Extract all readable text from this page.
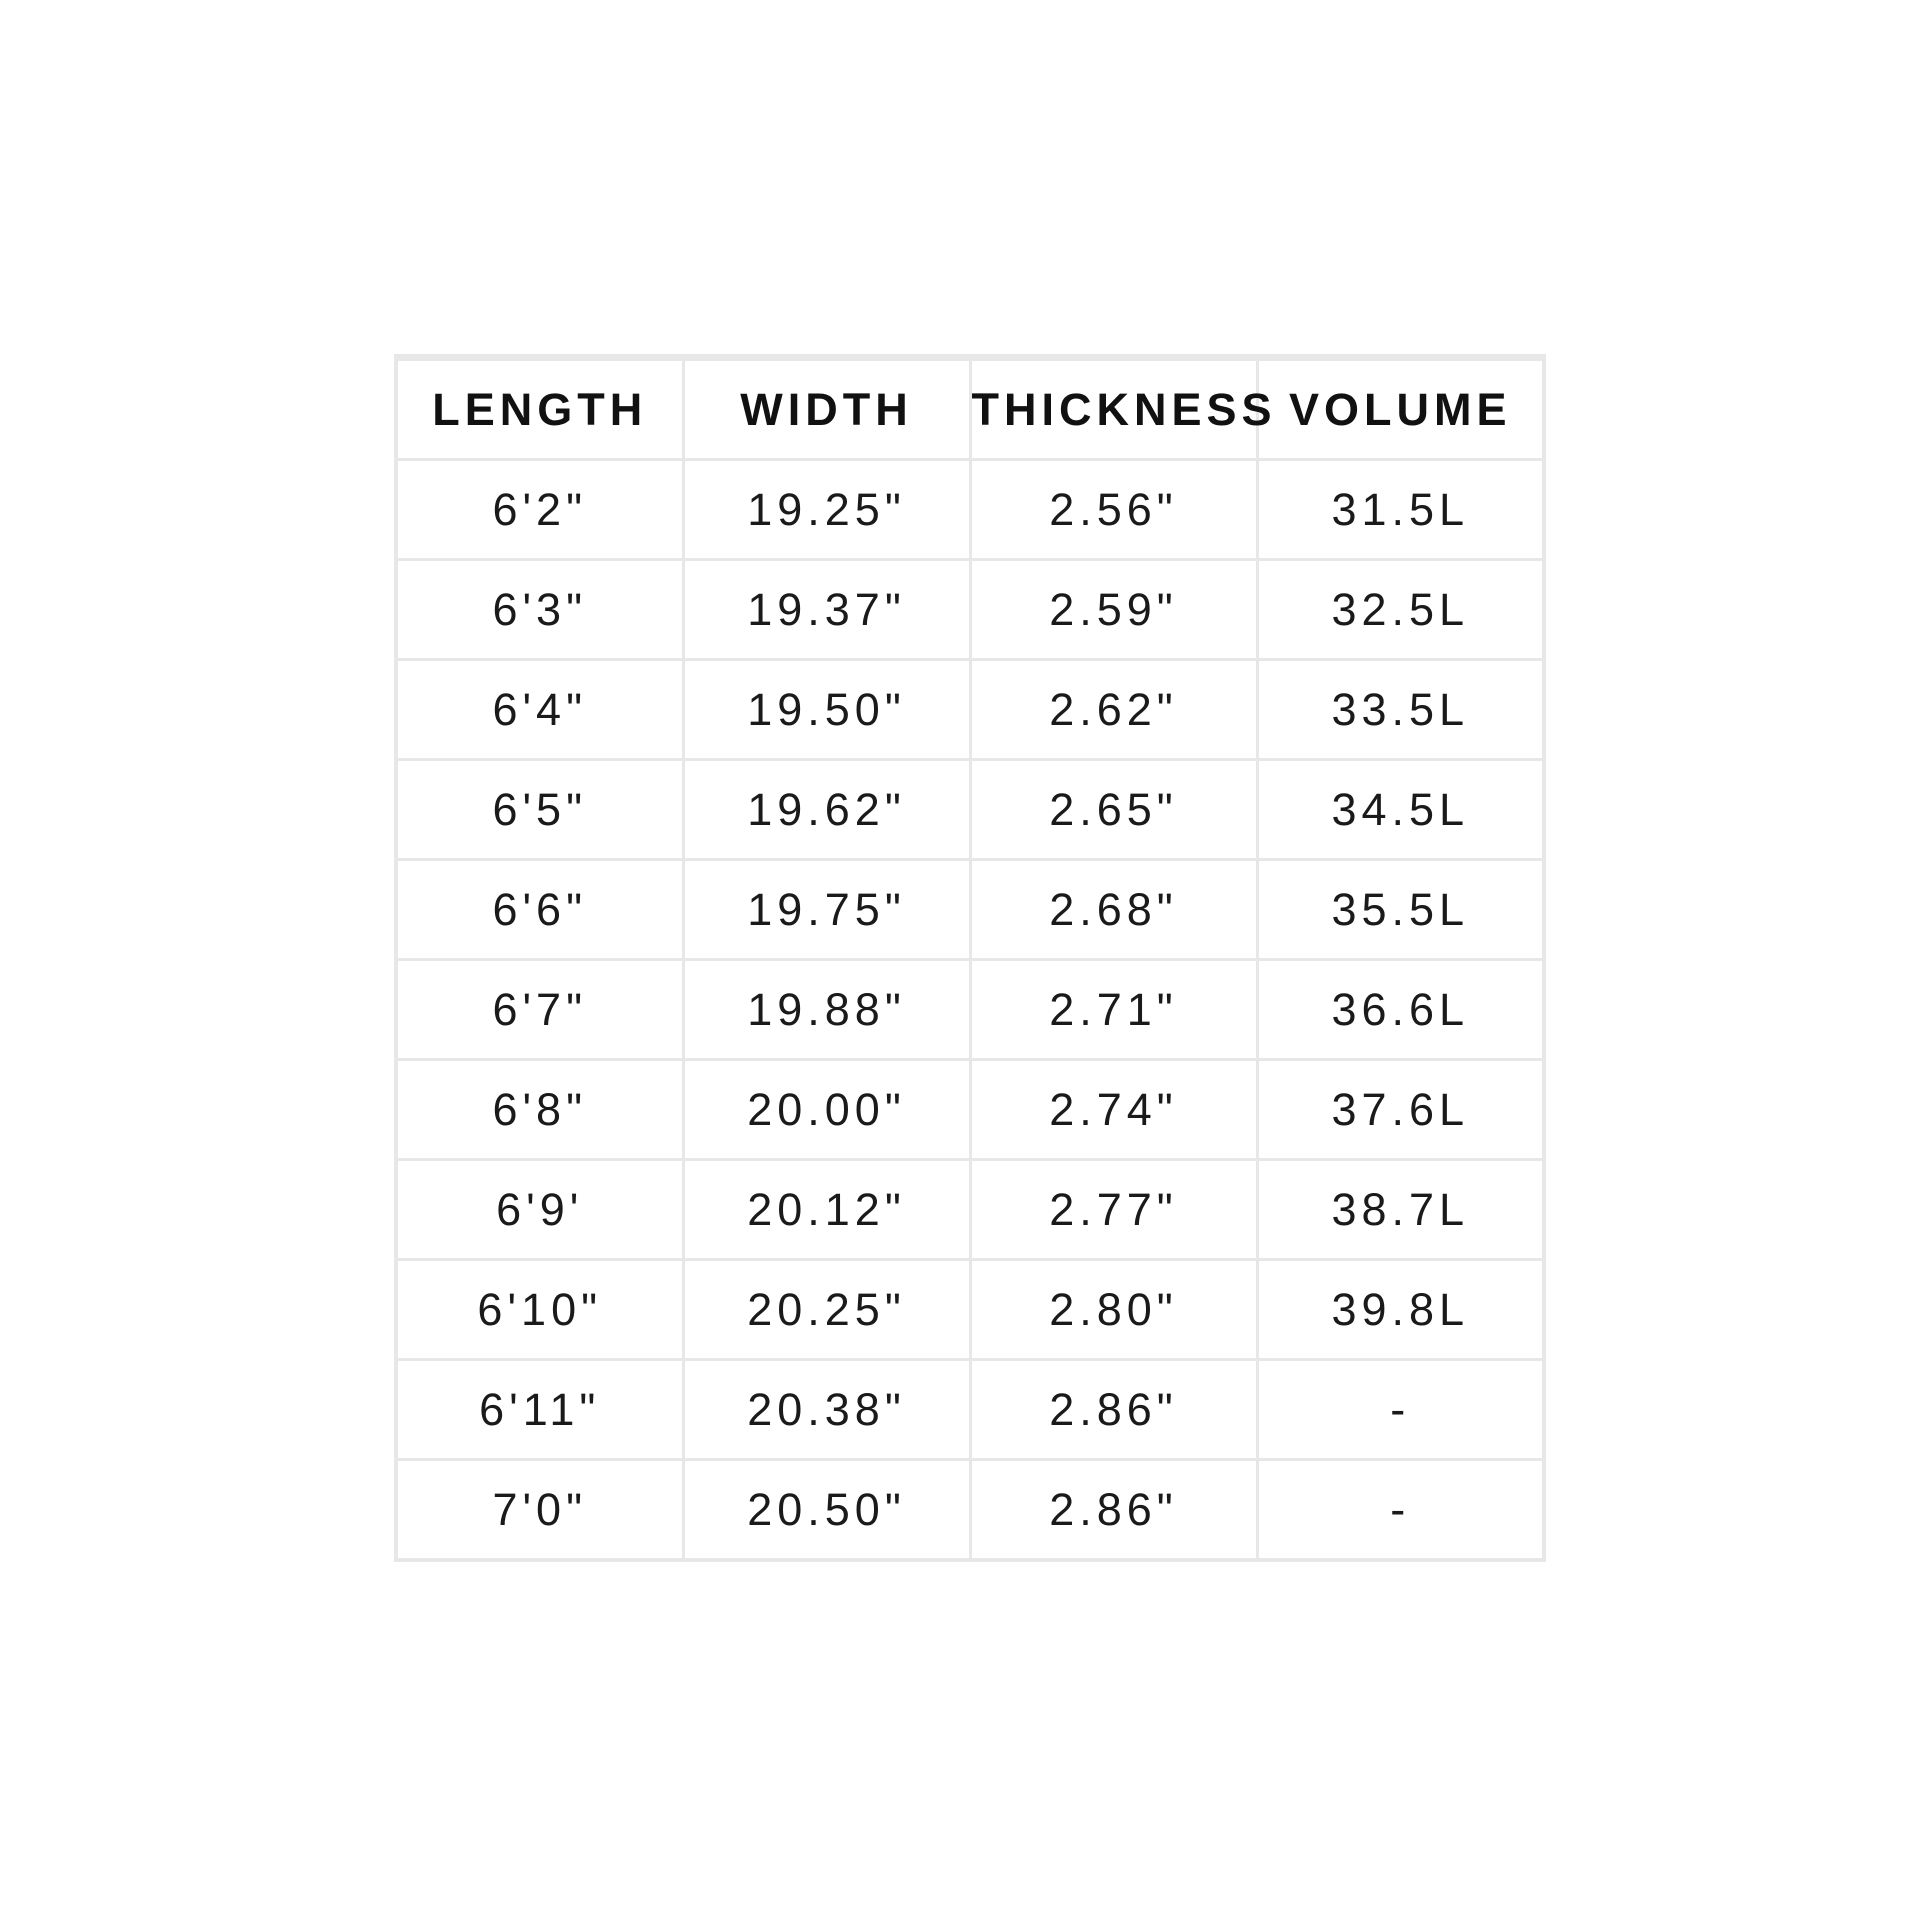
LENGTH	WIDTH	THICKNESS	VOLUME
6'2"	19.25"	2.56"	31.5L
6'3"	19.37"	2.59"	32.5L
6'4"	19.50"	2.62"	33.5L
6'5"	19.62"	2.65"	34.5L
6'6"	19.75"	2.68"	35.5L
6'7"	19.88"	2.71"	36.6L
6'8"	20.00"	2.74"	37.6L
6'9'	20.12"	2.77"	38.7L
6'10"	20.25"	2.80"	39.8L
6'11"	20.38"	2.86"	-
7'0"	20.50"	2.86"	-
